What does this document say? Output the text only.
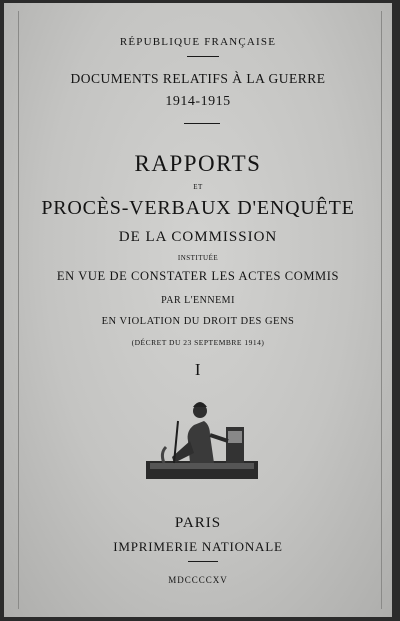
RÉPUBLIQUE FRANÇAISE
DOCUMENTS RELATIFS À LA GUERRE
1914-1915
RAPPORTS
ET
PROCÈS-VERBAUX D'ENQUÊTE
DE LA COMMISSION
INSTITUÉE
EN VUE DE CONSTATER LES ACTES COMMIS
PAR L'ENNEMI
EN VIOLATION DU DROIT DES GENS
(DÉCRET DU 23 SEPTEMBRE 1914)
I
PARIS
IMPRIMERIE NATIONALE
MDCCCCXV
